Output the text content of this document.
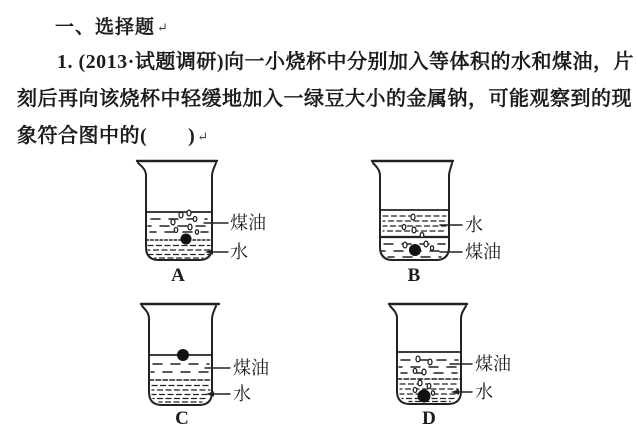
一、选择题 ↵
1. (2013·试题调研)向一小烧杯中分别加入等体积的水和煤油，片
刻后再向该烧杯中轻缓地加入一绿豆大小的金属钠，可能观察到的现
象符合图中的(　　) ↵
煤油
水
A
水
煤油
B
煤油
水
C
煤油
水
D
